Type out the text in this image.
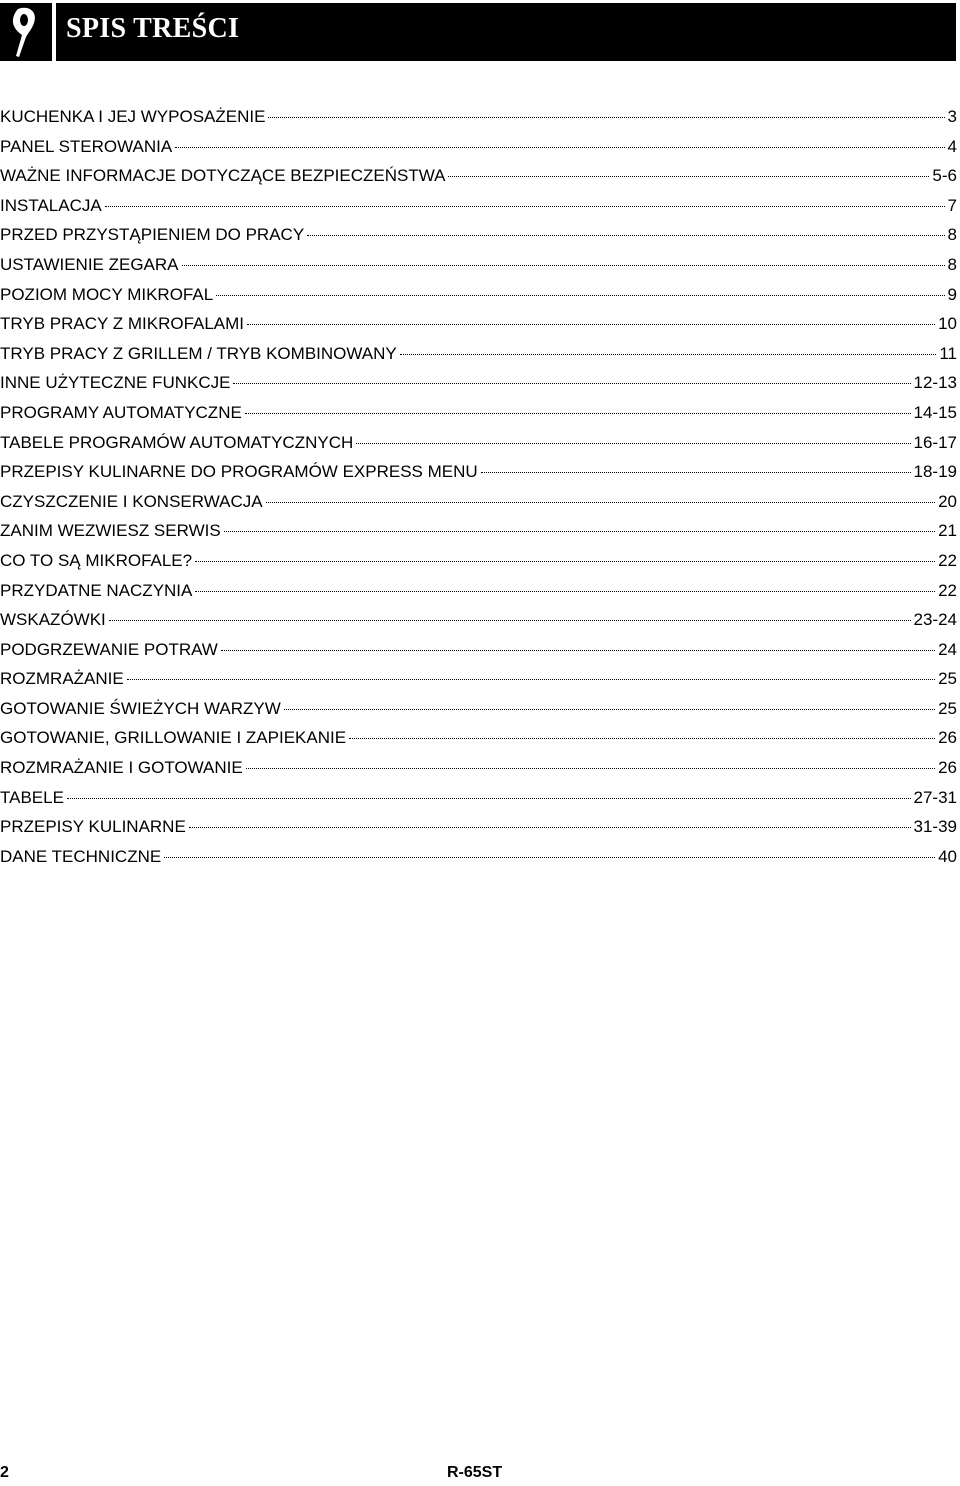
SPIS TREŚCI
KUCHENKA I JEJ WYPOSAŻENIE	3
PANEL STEROWANIA	4
WAŻNE INFORMACJE DOTYCZĄCE BEZPIECZEŃSTWA	5-6
INSTALACJA	7
PRZED PRZYSTĄPIENIEM DO PRACY	8
USTAWIENIE ZEGARA	8
POZIOM MOCY MIKROFAL	9
TRYB PRACY Z MIKROFALAMI	10
TRYB PRACY Z GRILLEM / TRYB KOMBINOWANY	11
INNE UŻYTECZNE FUNKCJE	12-13
PROGRAMY AUTOMATYCZNE	14-15
TABELE PROGRAMÓW AUTOMATYCZNYCH	16-17
PRZEPISY KULINARNE DO PROGRAMÓW EXPRESS MENU	18-19
CZYSZCZENIE I KONSERWACJA	20
ZANIM WEZWIESZ SERWIS	21
CO TO SĄ MIKROFALE?	22
PRZYDATNE NACZYNIA	22
WSKAZÓWKI	23-24
PODGRZEWANIE POTRAW	24
ROZMRAŻANIE	25
GOTOWANIE ŚWIEŻYCH WARZYW	25
GOTOWANIE, GRILLOWANIE I ZAPIEKANIE	26
ROZMRAŻANIE I GOTOWANIE	26
TABELE	27-31
PRZEPISY KULINARNE	31-39
DANE TECHNICZNE	40
2	R-65ST
